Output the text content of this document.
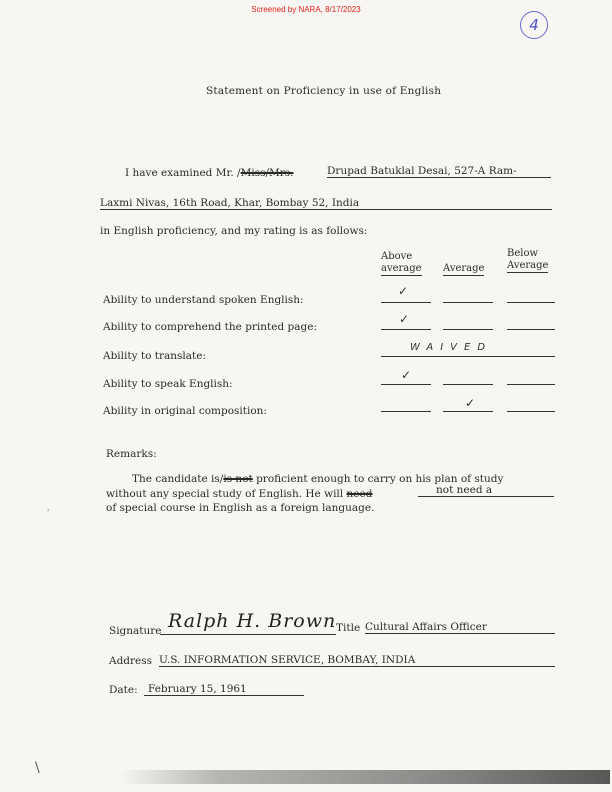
Screened by NARA, 8/17/2023
4
Statement on Proficiency in use of English
I have examined Mr. /Miss/Mrs.	Drupad Batuklal Desai, 527-A Ram-
Laxmi Nivas, 16th Road, Khar, Bombay 52, India
in English proficiency, and my rating is as follows:
Above
average Average
Below
Average
Ability to understand spoken English:
✓
Ability to comprehend the printed page:
✓
Ability to translate:
WAIVED
Ability to speak English:
✓
Ability in original composition:
✓
Remarks:
The candidate is/is not proficient enough to carry on his plan of study
without any special study of English. He will need	not need a
of special course in English as a foreign language.
Signature Ralph H. Brown Title Cultural Affairs Officer
Address U.S. INFORMATION SERVICE, BOMBAY, INDIA
Date: February 15, 1961
'
\
